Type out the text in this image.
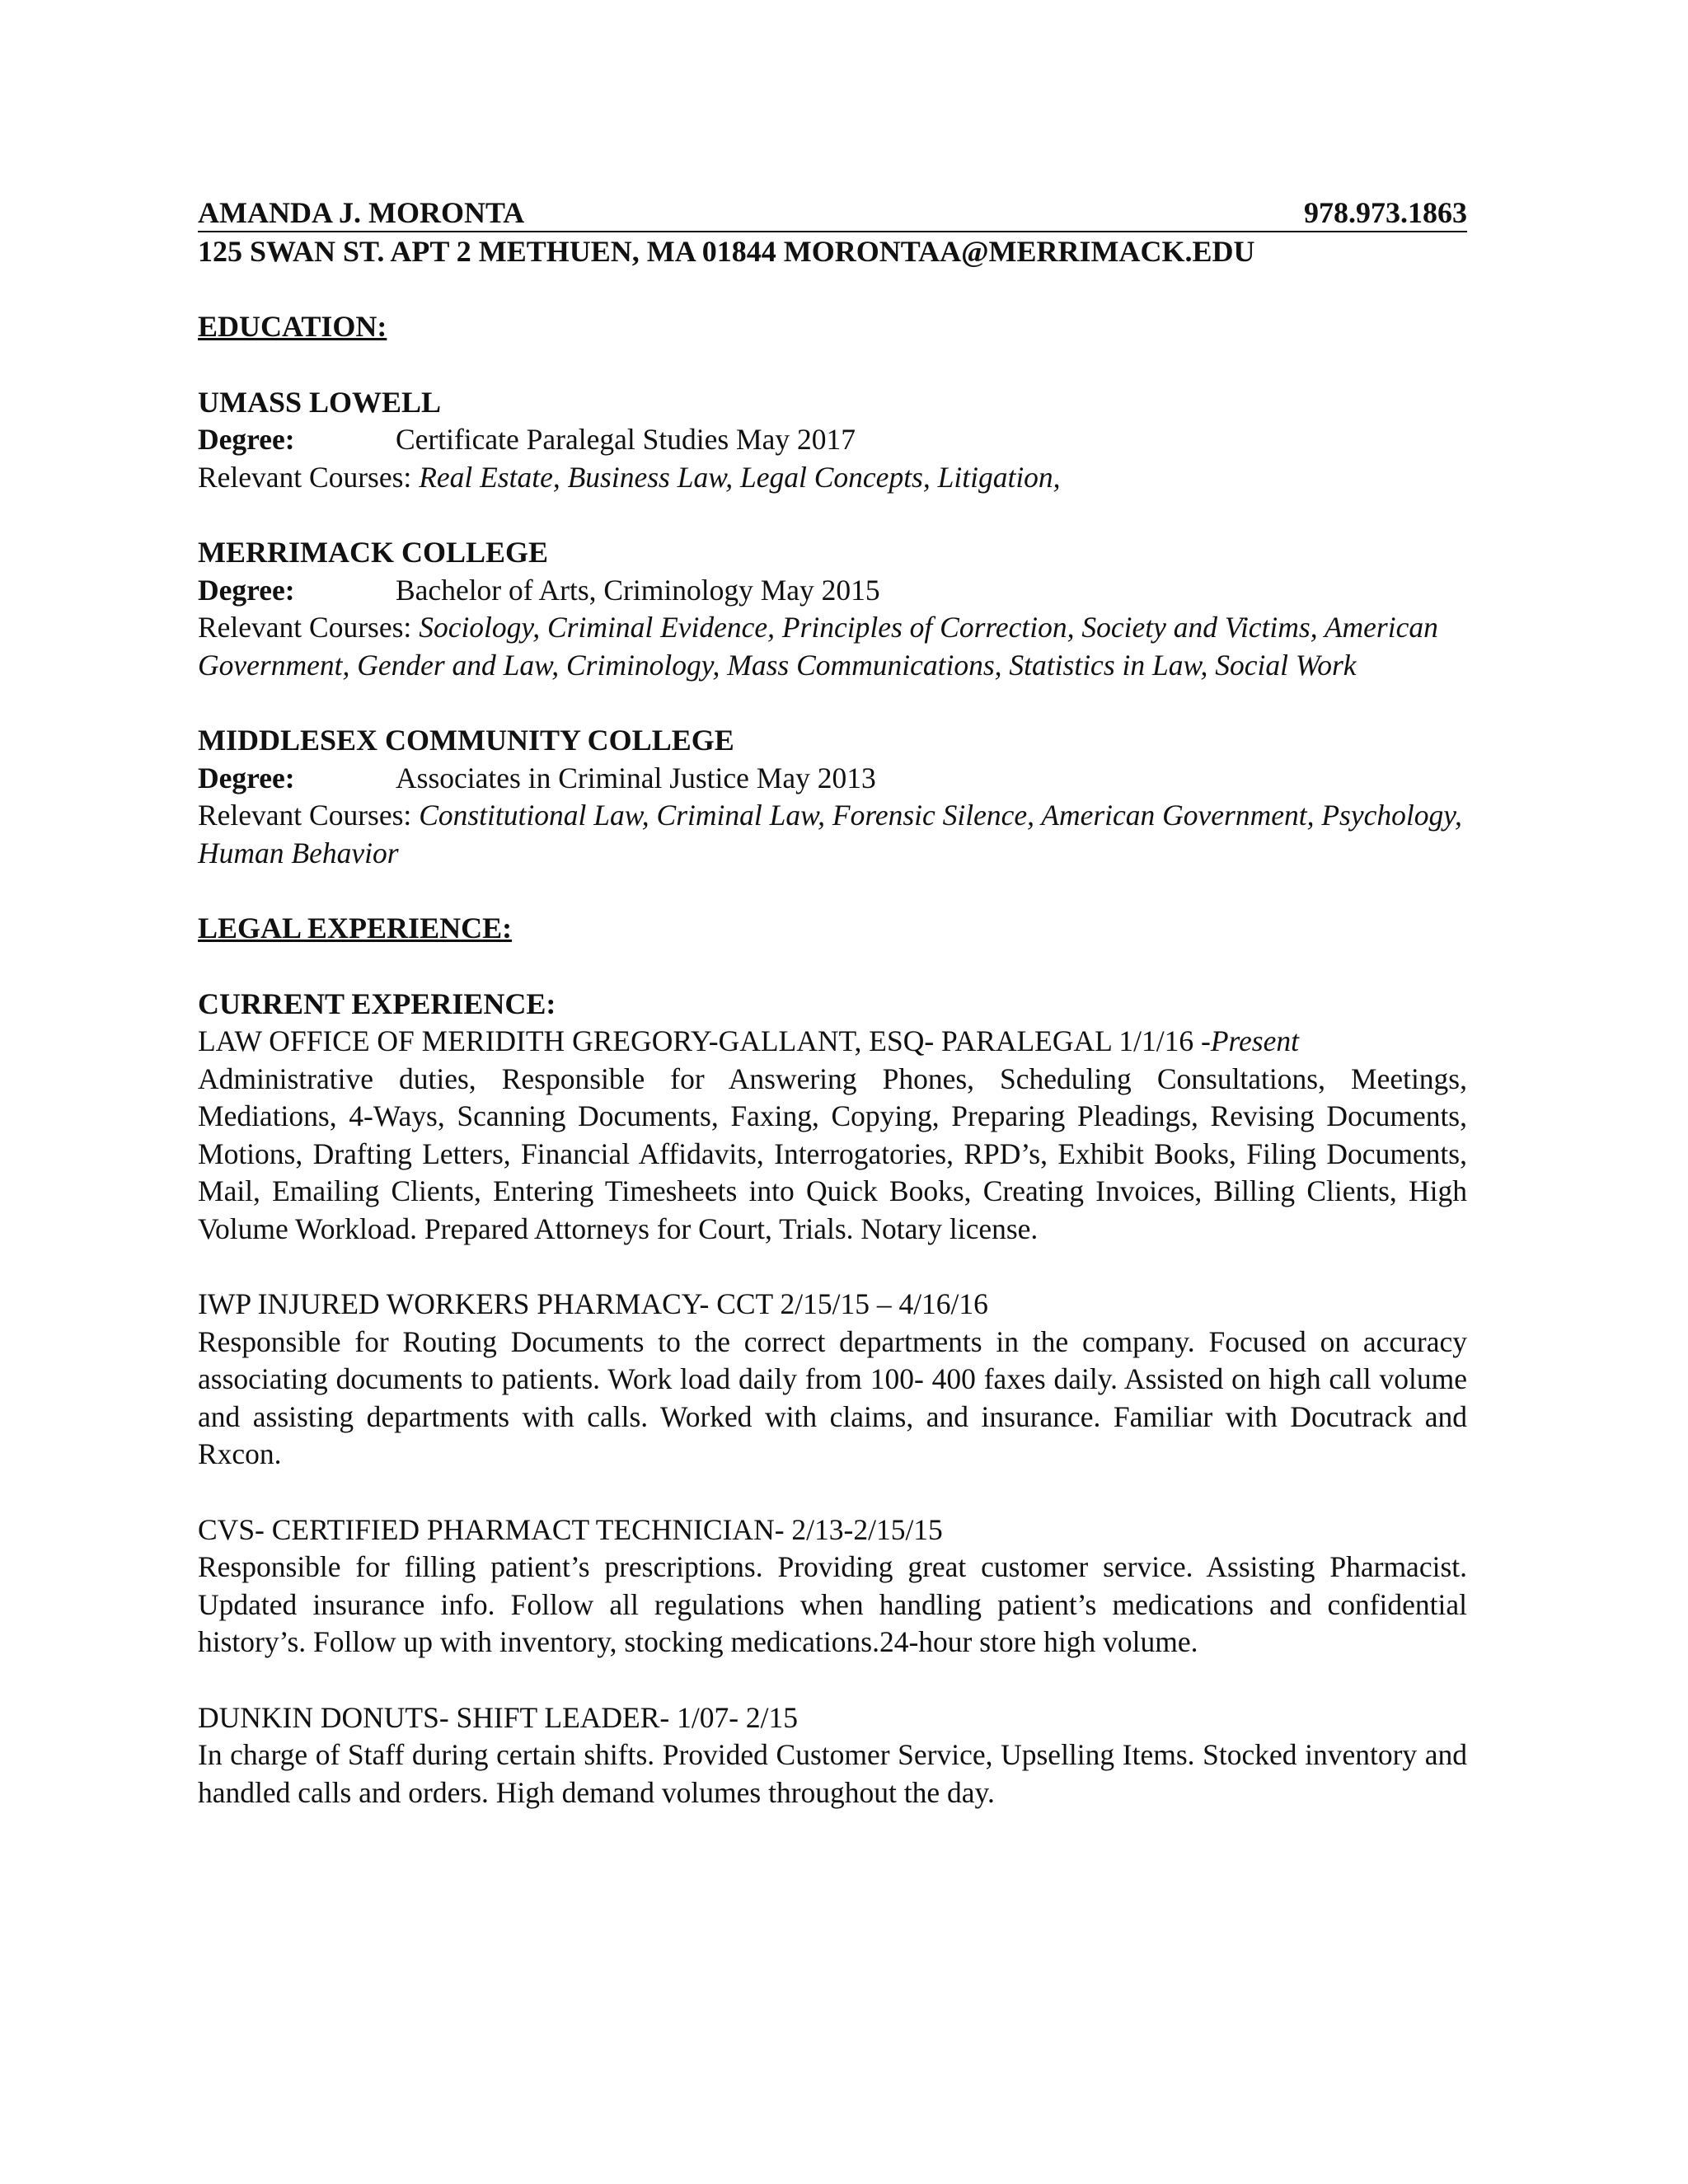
AMANDA J. MORONTA	978.973.1863
125 SWAN ST. APT 2 METHUEN, MA 01844 MORONTAA@MERRIMACK.EDU
EDUCATION:
UMASS LOWELL
Degree:	Certificate Paralegal Studies May 2017
Relevant Courses: Real Estate, Business Law, Legal Concepts, Litigation,
MERRIMACK COLLEGE
Degree:	Bachelor of Arts, Criminology May 2015
Relevant Courses: Sociology, Criminal Evidence, Principles of Correction, Society and Victims, American Government, Gender and Law, Criminology, Mass Communications, Statistics in Law, Social Work
MIDDLESEX COMMUNITY COLLEGE
Degree:	Associates in Criminal Justice May 2013
Relevant Courses: Constitutional Law, Criminal Law, Forensic Silence, American Government, Psychology, Human Behavior
LEGAL EXPERIENCE:
CURRENT EXPERIENCE:
LAW OFFICE OF MERIDITH GREGORY-GALLANT, ESQ- PARALEGAL 1/1/16 -Present
Administrative duties, Responsible for Answering Phones, Scheduling Consultations, Meetings, Mediations, 4-Ways, Scanning Documents, Faxing, Copying, Preparing Pleadings, Revising Documents, Motions, Drafting Letters, Financial Affidavits, Interrogatories, RPD’s, Exhibit Books, Filing Documents, Mail, Emailing Clients, Entering Timesheets into Quick Books, Creating Invoices, Billing Clients, High Volume Workload. Prepared Attorneys for Court, Trials. Notary license.
IWP INJURED WORKERS PHARMACY- CCT 2/15/15 – 4/16/16
Responsible for Routing Documents to the correct departments in the company. Focused on accuracy associating documents to patients. Work load daily from 100- 400 faxes daily. Assisted on high call volume and assisting departments with calls. Worked with claims, and insurance. Familiar with Docutrack and Rxcon.
CVS- CERTIFIED PHARMACT TECHNICIAN- 2/13-2/15/15
Responsible for filling patient’s prescriptions. Providing great customer service. Assisting Pharmacist. Updated insurance info. Follow all regulations when handling patient’s medications and confidential history’s. Follow up with inventory, stocking medications.24-hour store high volume.
DUNKIN DONUTS- SHIFT LEADER- 1/07- 2/15
In charge of Staff during certain shifts. Provided Customer Service, Upselling Items. Stocked inventory and handled calls and orders. High demand volumes throughout the day.
